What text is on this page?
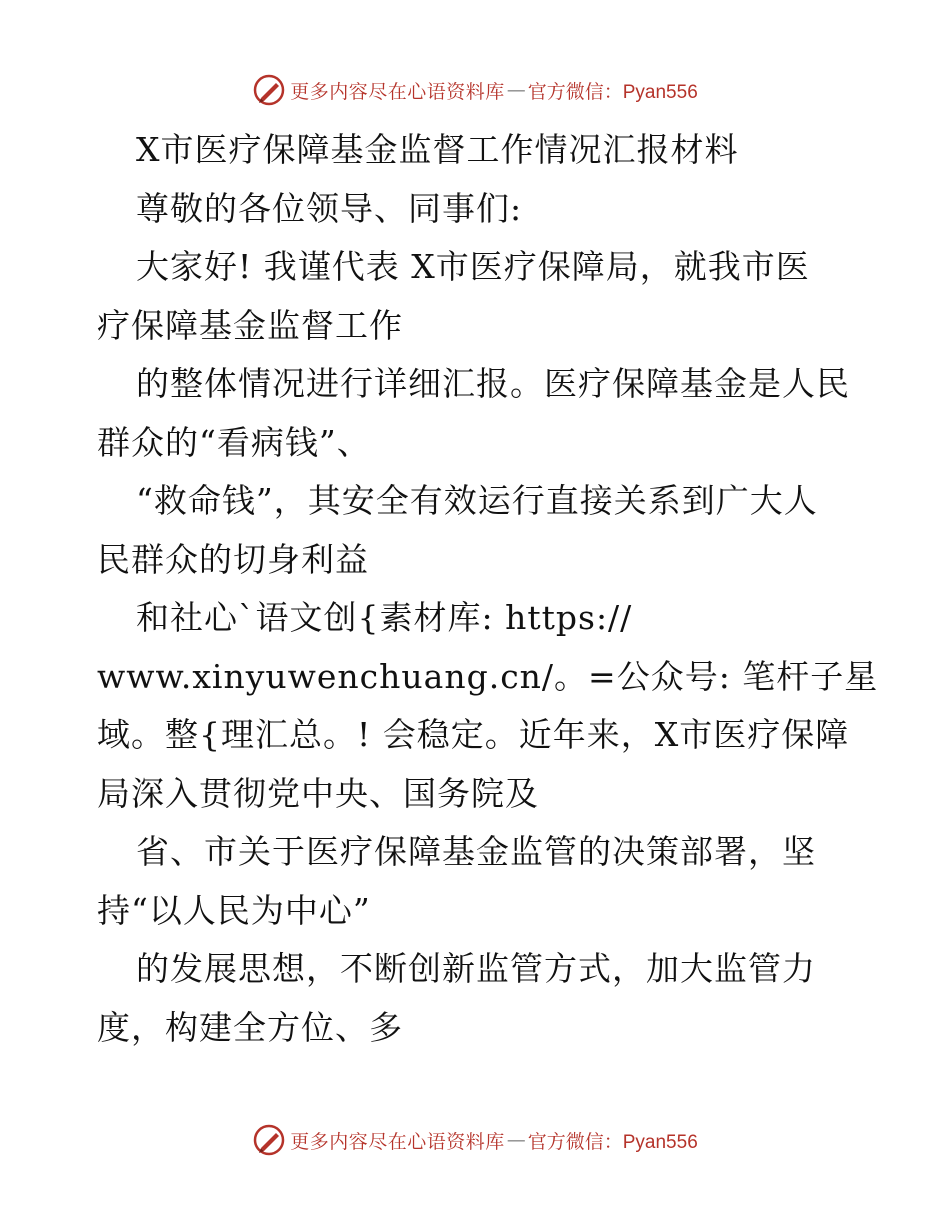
更多内容尽在心语资料库 — 官方微信：Pyan556
X市医疗保障基金监督工作情况汇报材料
尊敬的各位领导、同事们:
大家好! 我谨代表 X市医疗保障局，就我市医
疗保障基金监督工作
的整体情况进行详细汇报。医疗保障基金是人民
群众的“看病钱”、
“救命钱”，其安全有效运行直接关系到广大人
民群众的切身利益
和社心`语文创{素材库: https://
www.xinyuwenchuang.cn/。=公众号: 笔杆子星
域。整{理汇总。! 会稳定。近年来，X市医疗保障
局深入贯彻党中央、国务院及
省、市关于医疗保障基金监管的决策部署，坚
持“以人民为中心”
的发展思想，不断创新监管方式，加大监管力
度，构建全方位、多
更多内容尽在心语资料库 — 官方微信：Pyan556
